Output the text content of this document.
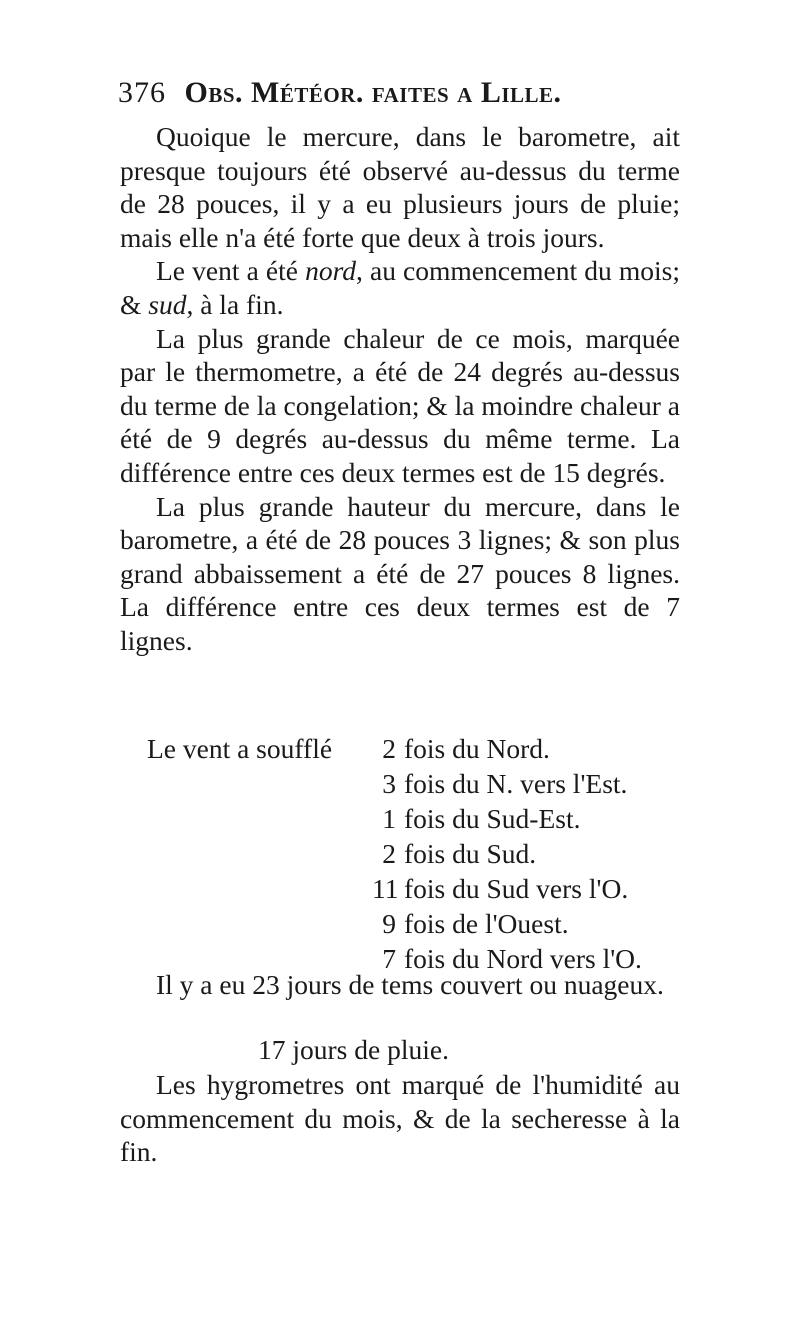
376 Obs. Météor. faites a Lille.

Quoique le mercure, dans le barometre, ait presque toujours été observé au-dessus du terme de 28 pouces, il y a eu plusieurs jours de pluie; mais elle n'a été forte que deux à trois jours.

Le vent a été nord, au commencement du mois; & sud, à la fin.

La plus grande chaleur de ce mois, marquée par le thermometre, a été de 24 degrés au-dessus du terme de la congelation; & la moindre chaleur a été de 9 degrés au-dessus du même terme. La différence entre ces deux termes est de 15 degrés.

La plus grande hauteur du mercure, dans le barometre, a été de 28 pouces 3 lignes; & son plus grand abbaissement a été de 27 pouces 8 lignes. La différence entre ces deux termes est de 7 lignes.

Le vent a soufflé	2 fois du Nord.
3 fois du N. vers l'Est.
1 fois du Sud-Est.
2 fois du Sud.
11 fois du Sud vers l'O.
9 fois de l'Ouest.
7 fois du Nord vers l'O.

Il y a eu 23 jours de tems couvert ou nuageux.

17 jours de pluie.

Les hygrometres ont marqué de l'humidité au commencement du mois, & de la secheresse à la fin.
